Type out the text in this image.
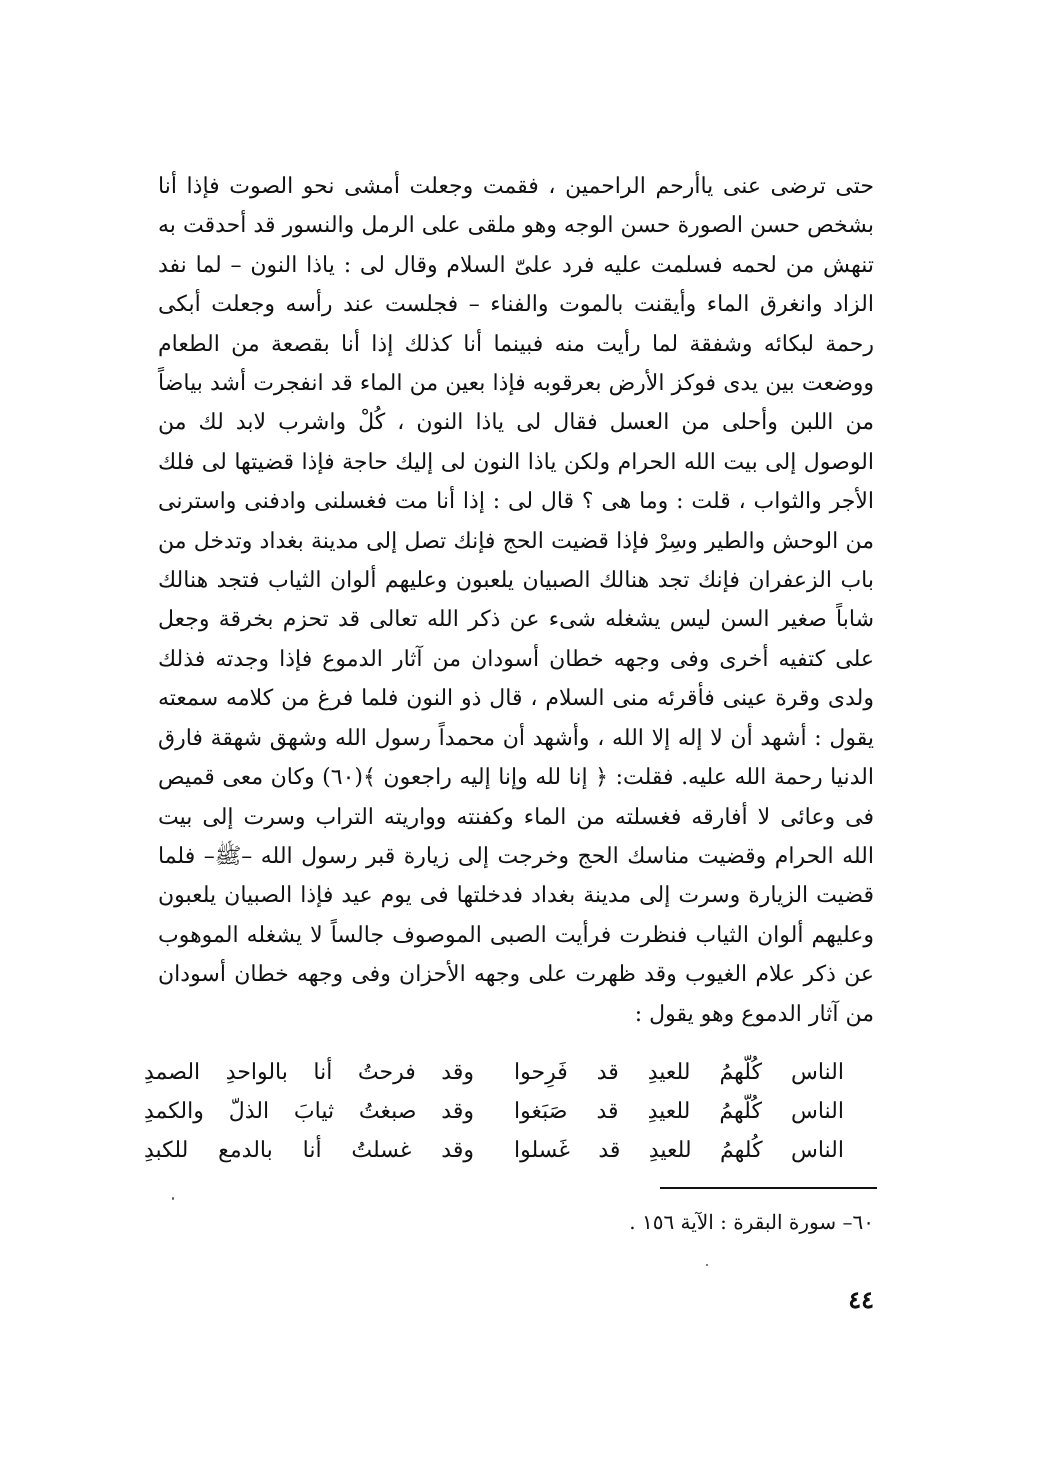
حتى ترضى عنى ياأرحم الراحمين ، فقمت وجعلت أمشى نحو الصوت فإذا أنا بشخص حسن الصورة حسن الوجه وهو ملقى على الرمل والنسور قد أحدقت به تنهش من لحمه فسلمت عليه فرد علىّ السلام وقال لى : ياذا النون – لما نفد الزاد وانغرق الماء وأيقنت بالموت والفناء – فجلست عند رأسه وجعلت أبكى رحمة لبكائه وشفقة لما رأيت منه فبينما أنا كذلك إذا أنا بقصعة من الطعام ووضعت بين يدى فوكز الأرض بعرقوبه فإذا بعين من الماء قد انفجرت أشد بياضاً من اللبن وأحلى من العسل فقال لى ياذا النون ، كُلْ واشرب لابد لك من الوصول إلى بيت الله الحرام ولكن ياذا النون لى إليك حاجة فإذا قضيتها لى فلك الأجر والثواب ، قلت : وما هى ؟ قال لى : إذا أنا مت فغسلنى وادفنى واسترنى من الوحش والطير وسِرْ فإذا قضيت الحج فإنك تصل إلى مدينة بغداد وتدخل من باب الزعفران فإنك تجد هنالك الصبيان يلعبون وعليهم ألوان الثياب فتجد هنالك شاباً صغير السن ليس يشغله شىء عن ذكر الله تعالى قد تحزم بخرقة وجعل على كتفيه أخرى وفى وجهه خطان أسودان من آثار الدموع فإذا وجدته فذلك ولدى وقرة عينى فأقرئه منى السلام ، قال ذو النون فلما فرغ من كلامه سمعته يقول : أشهد أن لا إله إلا الله ، وأشهد أن محمداً رسول الله وشهق شهقة فارق الدنيا رحمة الله عليه. فقلت: ﴿ إنا لله وإنا إليه راجعون ﴾(٦٠) وكان معى قميص فى وعائى لا أفارقه فغسلته من الماء وكفنته وواريته التراب وسرت إلى بيت الله الحرام وقضيت مناسك الحج وخرجت إلى زيارة قبر رسول الله –ﷺ– فلما قضيت الزيارة وسرت إلى مدينة بغداد فدخلتها فى يوم عيد فإذا الصبيان يلعبون وعليهم ألوان الثياب فنظرت فرأيت الصبى الموصوف جالساً لا يشغله الموهوب عن ذكر علام الغيوب وقد ظهرت على وجهه الأحزان وفى وجهه خطان أسودان من آثار الدموع وهو يقول :

الناس كُلّهمُ للعيدِ قد فَرِحوا
وقد فرحتُ أنا بالواحدِ الصمدِ
الناس كُلّهمُ للعيدِ قد صَبَغوا
وقد صبغتُ ثيابَ الذلّ والكمدِ
الناس كُلهمُ للعيدِ قد غَسلوا
وقد غسلتُ أنا بالدمع للكبدِ
٦٠– سورة البقرة : الآية ١٥٦ .
٤٤
